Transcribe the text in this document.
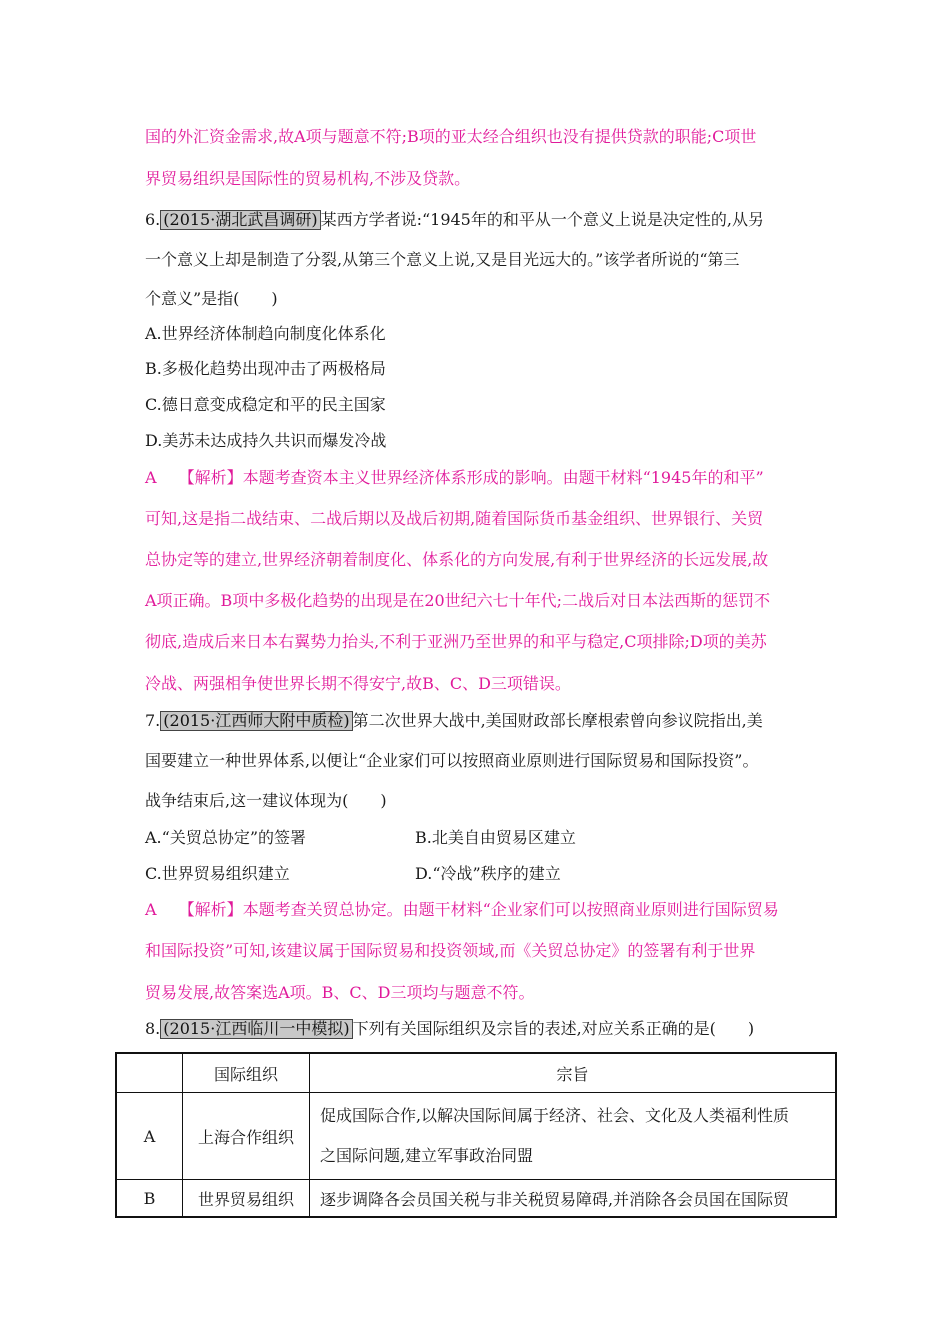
国的外汇资金需求,故A项与题意不符;B项的亚太经合组织也没有提供贷款的职能;C项世
界贸易组织是国际性的贸易机构,不涉及贷款。
6. (2015·湖北武昌调研) 某西方学者说:“1945年的和平从一个意义上说是决定性的,从另
一个意义上却是制造了分裂,从第三个意义上说,又是目光远大的。”该学者所说的“第三
个意义”是指(　　)
A.世界经济体制趋向制度化体系化
B.多极化趋势出现冲击了两极格局
C.德日意变成稳定和平的民主国家
D.美苏未达成持久共识而爆发冷战
A 【解析】本题考查资本主义世界经济体系形成的影响。由题干材料“1945年的和平”
可知,这是指二战结束、二战后期以及战后初期,随着国际货币基金组织、世界银行、关贸
总协定等的建立,世界经济朝着制度化、体系化的方向发展,有利于世界经济的长远发展,故
A项正确。B项中多极化趋势的出现是在20世纪六七十年代;二战后对日本法西斯的惩罚不
彻底,造成后来日本右翼势力抬头,不利于亚洲乃至世界的和平与稳定,C项排除;D项的美苏
冷战、两强相争使世界长期不得安宁,故B、C、D三项错误。
7. (2015·江西师大附中质检) 第二次世界大战中,美国财政部长摩根索曾向参议院指出,美
国要建立一种世界体系,以便让“企业家们可以按照商业原则进行国际贸易和国际投资”。
战争结束后,这一建议体现为(　　)
A.“关贸总协定”的签署	B.北美自由贸易区建立
C.世界贸易组织建立	D.“冷战”秩序的建立
A 【解析】本题考查关贸总协定。由题干材料“企业家们可以按照商业原则进行国际贸易
和国际投资”可知,该建议属于国际贸易和投资领域,而《关贸总协定》的签署有利于世界
贸易发展,故答案选A项。B、C、D三项均与题意不符。
8. (2015·江西临川一中模拟) 下列有关国际组织及宗旨的表述,对应关系正确的是(　　)
	国际组织	宗旨
A	上海合作组织	促成国际合作,以解决国际间属于经济、社会、文化及人类福利性质
之国际问题,建立军事政治同盟

B	世界贸易组织	逐步调降各会员国关税与非关税贸易障碍,并消除各会员国在国际贸
